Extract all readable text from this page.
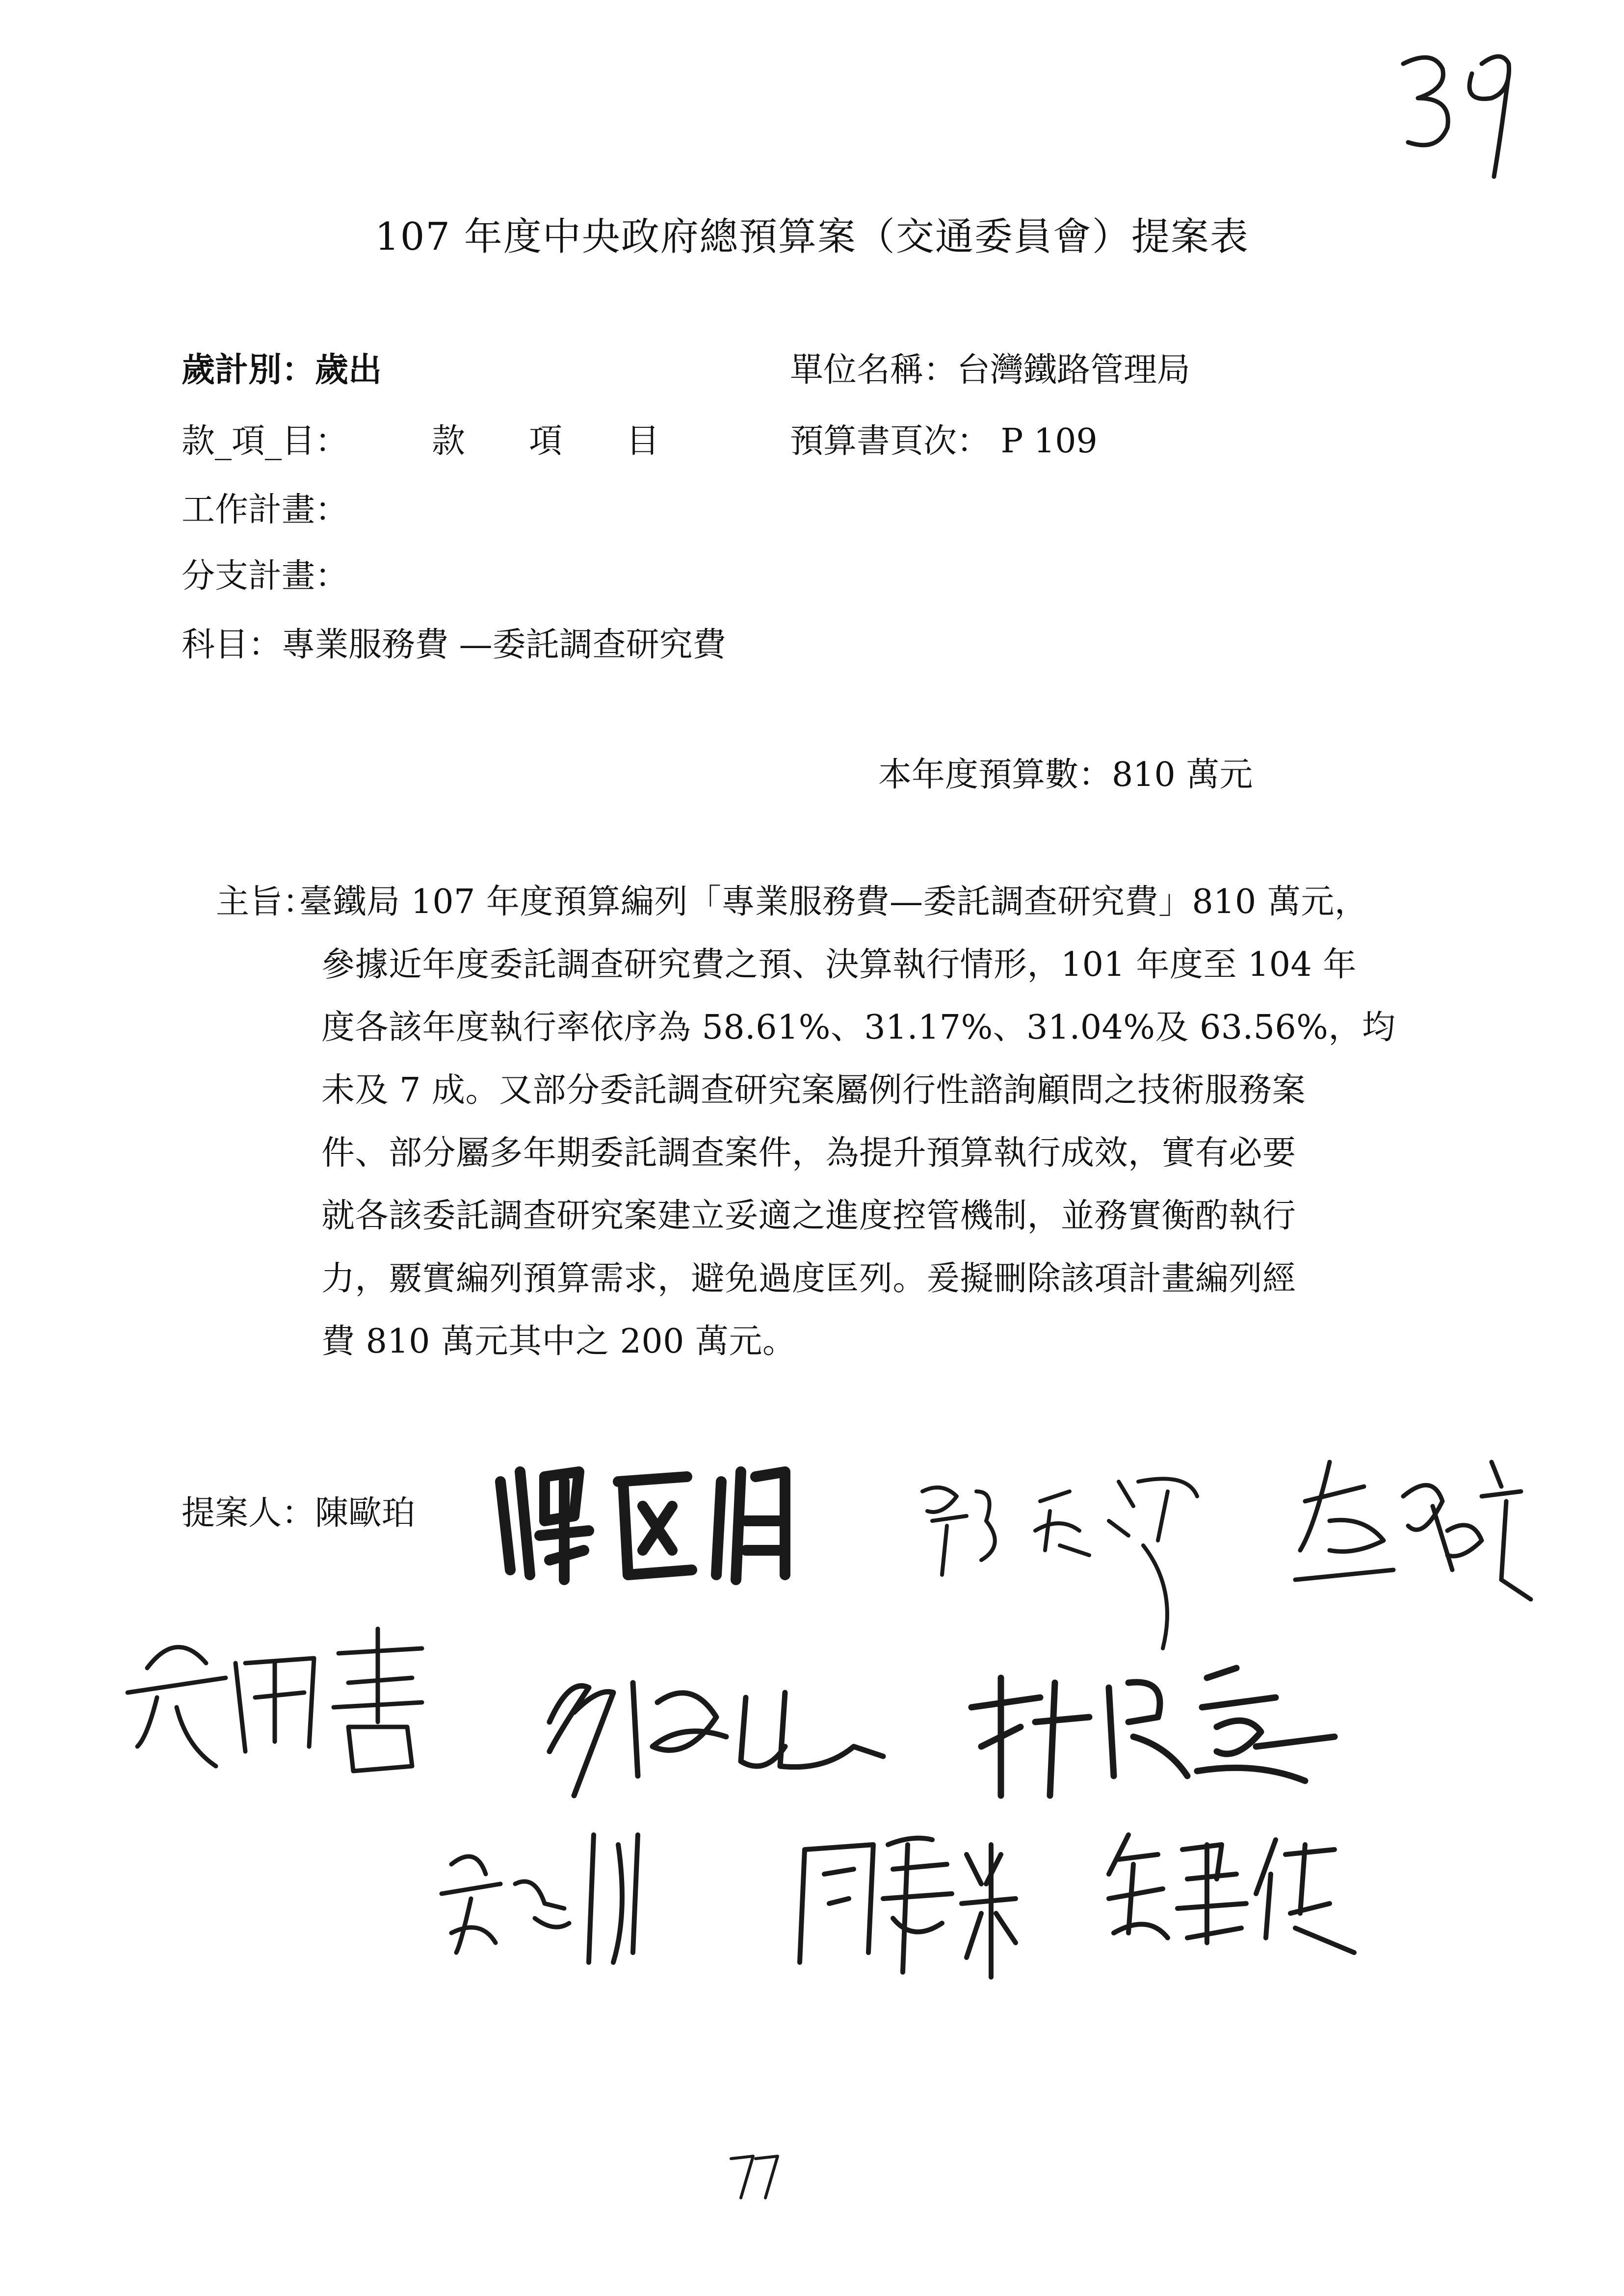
107 年度中央政府總預算案（交通委員會）提案表
歲計別：歲出	單位名稱：台灣鐵路管理局
款_項_目： 款 項 目	預算書頁次： P 109
工作計畫：
分支計畫：
科目：專業服務費 —委託調查研究費
本年度預算數：810 萬元
主旨：
臺鐵局 107 年度預算編列「專業服務費—委託調查研究費」810 萬元，
參據近年度委託調查研究費之預、決算執行情形，101 年度至 104 年
度各該年度執行率依序為 58.61%、31.17%、31.04%及 63.56%，均
未及 7 成。又部分委託調查研究案屬例行性諮詢顧問之技術服務案
件、部分屬多年期委託調查案件，為提升預算執行成效，實有必要
就各該委託調查研究案建立妥適之進度控管機制，並務實衡酌執行
力，覈實編列預算需求，避免過度匡列。爰擬刪除該項計畫編列經
費 810 萬元其中之 200 萬元。
提案人：陳歐珀
